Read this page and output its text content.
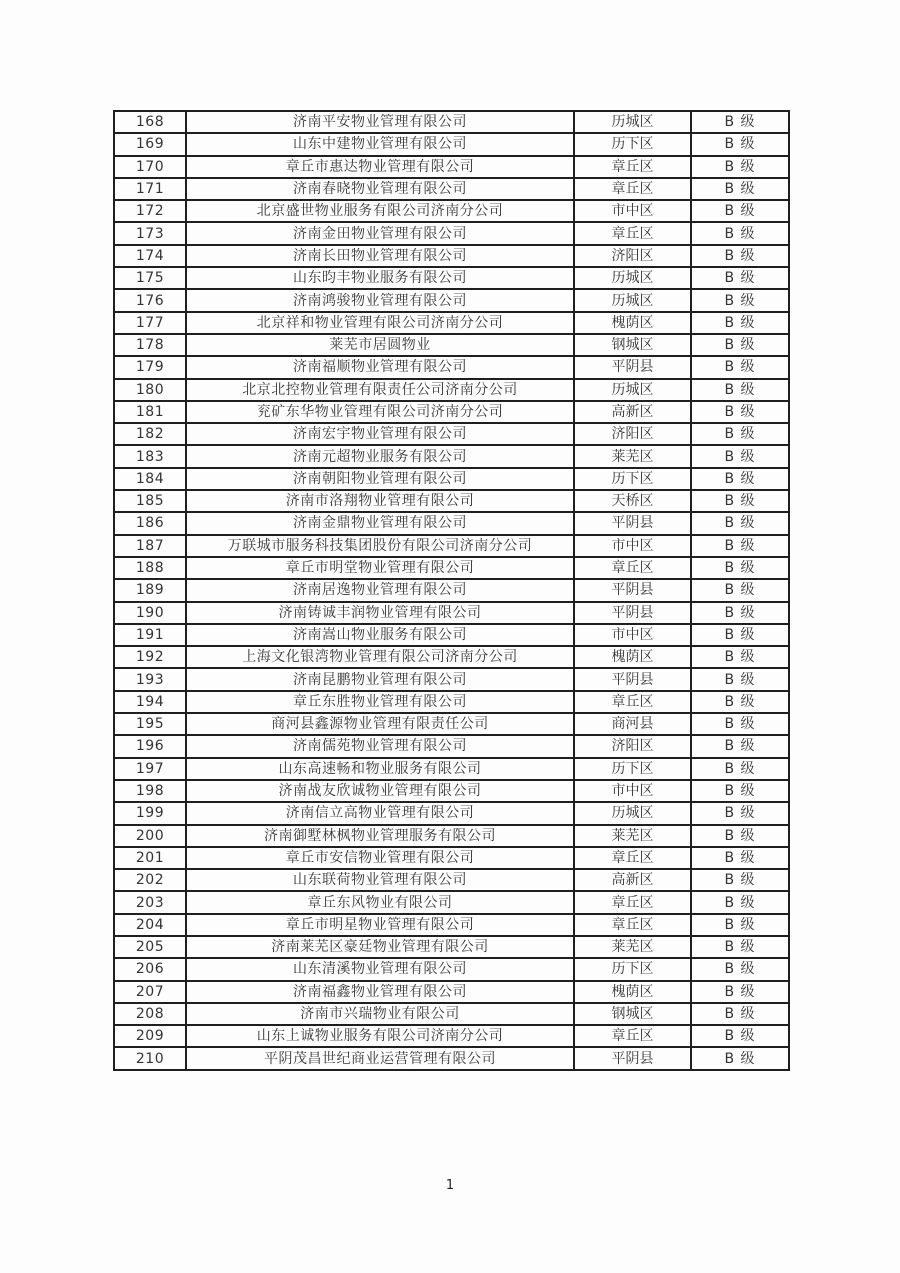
168	济南平安物业管理有限公司	历城区	B 级
169	山东中建物业管理有限公司	历下区	B 级
170	章丘市惠达物业管理有限公司	章丘区	B 级
171	济南春晓物业管理有限公司	章丘区	B 级
172	北京盛世物业服务有限公司济南分公司	市中区	B 级
173	济南金田物业管理有限公司	章丘区	B 级
174	济南长田物业管理有限公司	济阳区	B 级
175	山东昀丰物业服务有限公司	历城区	B 级
176	济南鸿骏物业管理有限公司	历城区	B 级
177	北京祥和物业管理有限公司济南分公司	槐荫区	B 级
178	莱芜市居圆物业	钢城区	B 级
179	济南福顺物业管理有限公司	平阴县	B 级
180	北京北控物业管理有限责任公司济南分公司	历城区	B 级
181	兖矿东华物业管理有限公司济南分公司	高新区	B 级
182	济南宏宇物业管理有限公司	济阳区	B 级
183	济南元超物业服务有限公司	莱芜区	B 级
184	济南朝阳物业管理有限公司	历下区	B 级
185	济南市洛翔物业管理有限公司	天桥区	B 级
186	济南金鼎物业管理有限公司	平阴县	B 级
187	万联城市服务科技集团股份有限公司济南分公司	市中区	B 级
188	章丘市明堂物业管理有限公司	章丘区	B 级
189	济南居逸物业管理有限公司	平阴县	B 级
190	济南铸诚丰润物业管理有限公司	平阴县	B 级
191	济南嵩山物业服务有限公司	市中区	B 级
192	上海文化银湾物业管理有限公司济南分公司	槐荫区	B 级
193	济南昆鹏物业管理有限公司	平阴县	B 级
194	章丘东胜物业管理有限公司	章丘区	B 级
195	商河县鑫源物业管理有限责任公司	商河县	B 级
196	济南儒苑物业管理有限公司	济阳区	B 级
197	山东高速畅和物业服务有限公司	历下区	B 级
198	济南战友欣诚物业管理有限公司	市中区	B 级
199	济南信立高物业管理有限公司	历城区	B 级
200	济南御墅林枫物业管理服务有限公司	莱芜区	B 级
201	章丘市安信物业管理有限公司	章丘区	B 级
202	山东联荷物业管理有限公司	高新区	B 级
203	章丘东风物业有限公司	章丘区	B 级
204	章丘市明星物业管理有限公司	章丘区	B 级
205	济南莱芜区豪廷物业管理有限公司	莱芜区	B 级
206	山东清溪物业管理有限公司	历下区	B 级
207	济南福鑫物业管理有限公司	槐荫区	B 级
208	济南市兴瑞物业有限公司	钢城区	B 级
209	山东上诚物业服务有限公司济南分公司	章丘区	B 级
210	平阴茂昌世纪商业运营管理有限公司	平阴县	B 级
1
